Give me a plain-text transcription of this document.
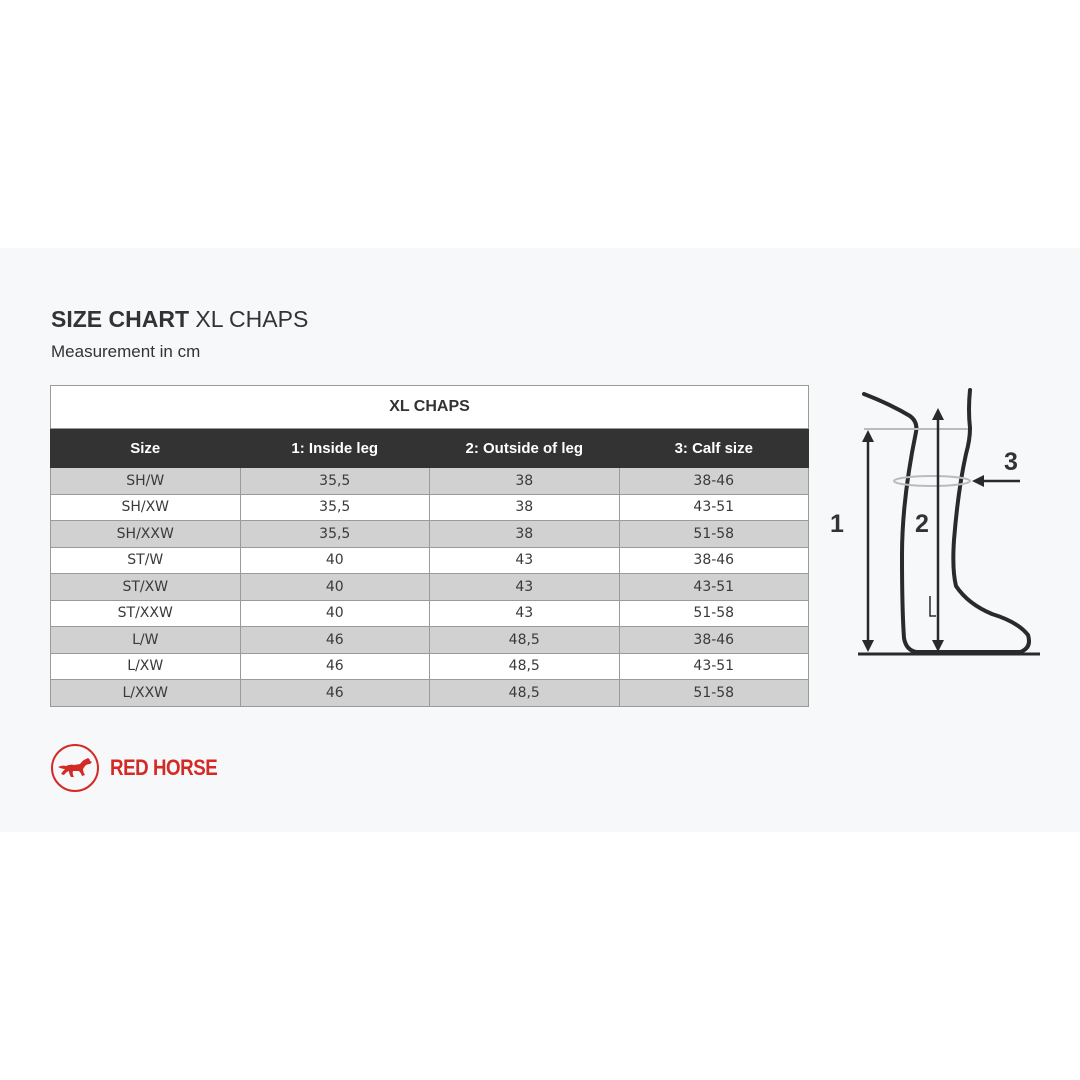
SIZE CHART XL CHAPS
Measurement in cm
XL CHAPS			
Size	1: Inside leg	2: Outside of leg	3: Calf size
SH/W	35,5	38	38-46
SH/XW	35,5	38	43-51
SH/XXW	35,5	38	51-58
ST/W	40	43	38-46
ST/XW	40	43	43-51
ST/XXW	40	43	51-58
L/W	46	48,5	38-46
L/XW	46	48,5	43-51
L/XXW	46	48,5	51-58
1	2
3
RED HORSE
